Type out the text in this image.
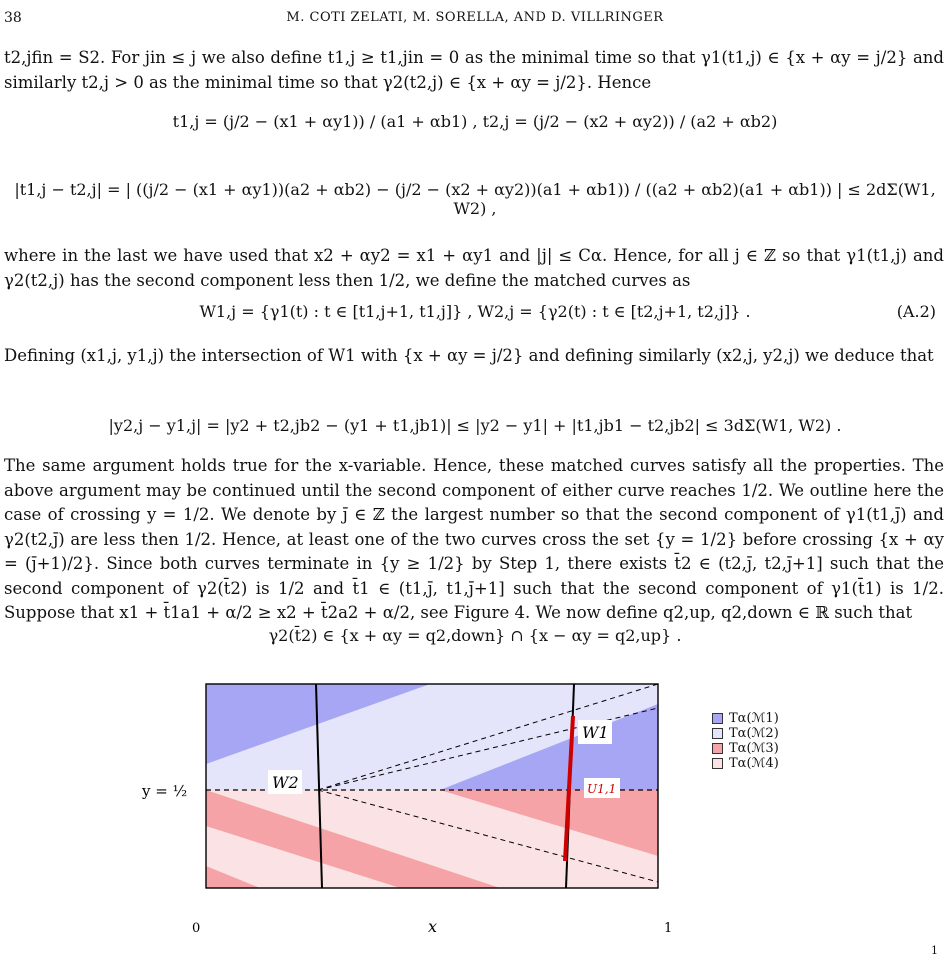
38	M. COTI ZELATI, M. SORELLA, AND D. VILLRINGER
t2,jfin = S2. For jin ≤ j we also define t1,j ≥ t1,jin = 0 as the minimal time so that γ1(t1,j) ∈ {x + αy = j/2} and similarly t2,j > 0 as the minimal time so that γ2(t2,j) ∈ {x + αy = j/2}. Hence
t1,j = (j/2 − (x1 + αy1)) / (a1 + αb1) , t2,j = (j/2 − (x2 + αy2)) / (a2 + αb2)
|t1,j − t2,j| = | ((j/2 − (x1 + αy1))(a2 + αb2) − (j/2 − (x2 + αy2))(a1 + αb1)) / ((a2 + αb2)(a1 + αb1)) | ≤ 2dΣ(W1, W2) ,
where in the last we have used that x2 + αy2 = x1 + αy1 and |j| ≤ Cα. Hence, for all j ∈ ℤ so that γ1(t1,j) and γ2(t2,j) has the second component less then 1/2, we define the matched curves as
W1,j = {γ1(t) : t ∈ [t1,j+1, t1,j]} , W2,j = {γ2(t) : t ∈ [t2,j+1, t2,j]} .	(A.2)
Defining (x1,j, y1,j) the intersection of W1 with {x + αy = j/2} and defining similarly (x2,j, y2,j) we deduce that
|y2,j − y1,j| = |y2 + t2,jb2 − (y1 + t1,jb1)| ≤ |y2 − y1| + |t1,jb1 − t2,jb2| ≤ 3dΣ(W1, W2) .
The same argument holds true for the x-variable. Hence, these matched curves satisfy all the properties. The above argument may be continued until the second component of either curve reaches 1/2. We outline here the case of crossing y = 1/2. We denote by j̄ ∈ ℤ the largest number so that the second component of γ1(t1,j̄) and γ2(t2,j̄) are less then 1/2. Hence, at least one of the two curves cross the set {y = 1/2} before crossing {x + αy = (j̄+1)/2}. Since both curves terminate in {y ≥ 1/2} by Step 1, there exists t̄2 ∈ (t2,j̄, t2,j̄+1] such that the second component of γ2(t̄2) is 1/2 and t̄1 ∈ (t1,j̄, t1,j̄+1] such that the second component of γ1(t̄1) is 1/2. Suppose that x1 + t̄1a1 + α/2 ≥ x2 + t̄2a2 + α/2, see Figure 4. We now define q2,up, q2,down ∈ ℝ such that
γ2(t̄2) ∈ {x + αy = q2,down} ∩ {x − αy = q2,up} .
W2
W1
U1,1
y = ½
x
0	1
Tα(ℳ1)
Tα(ℳ2)
Tα(ℳ3)
Tα(ℳ4)
1
